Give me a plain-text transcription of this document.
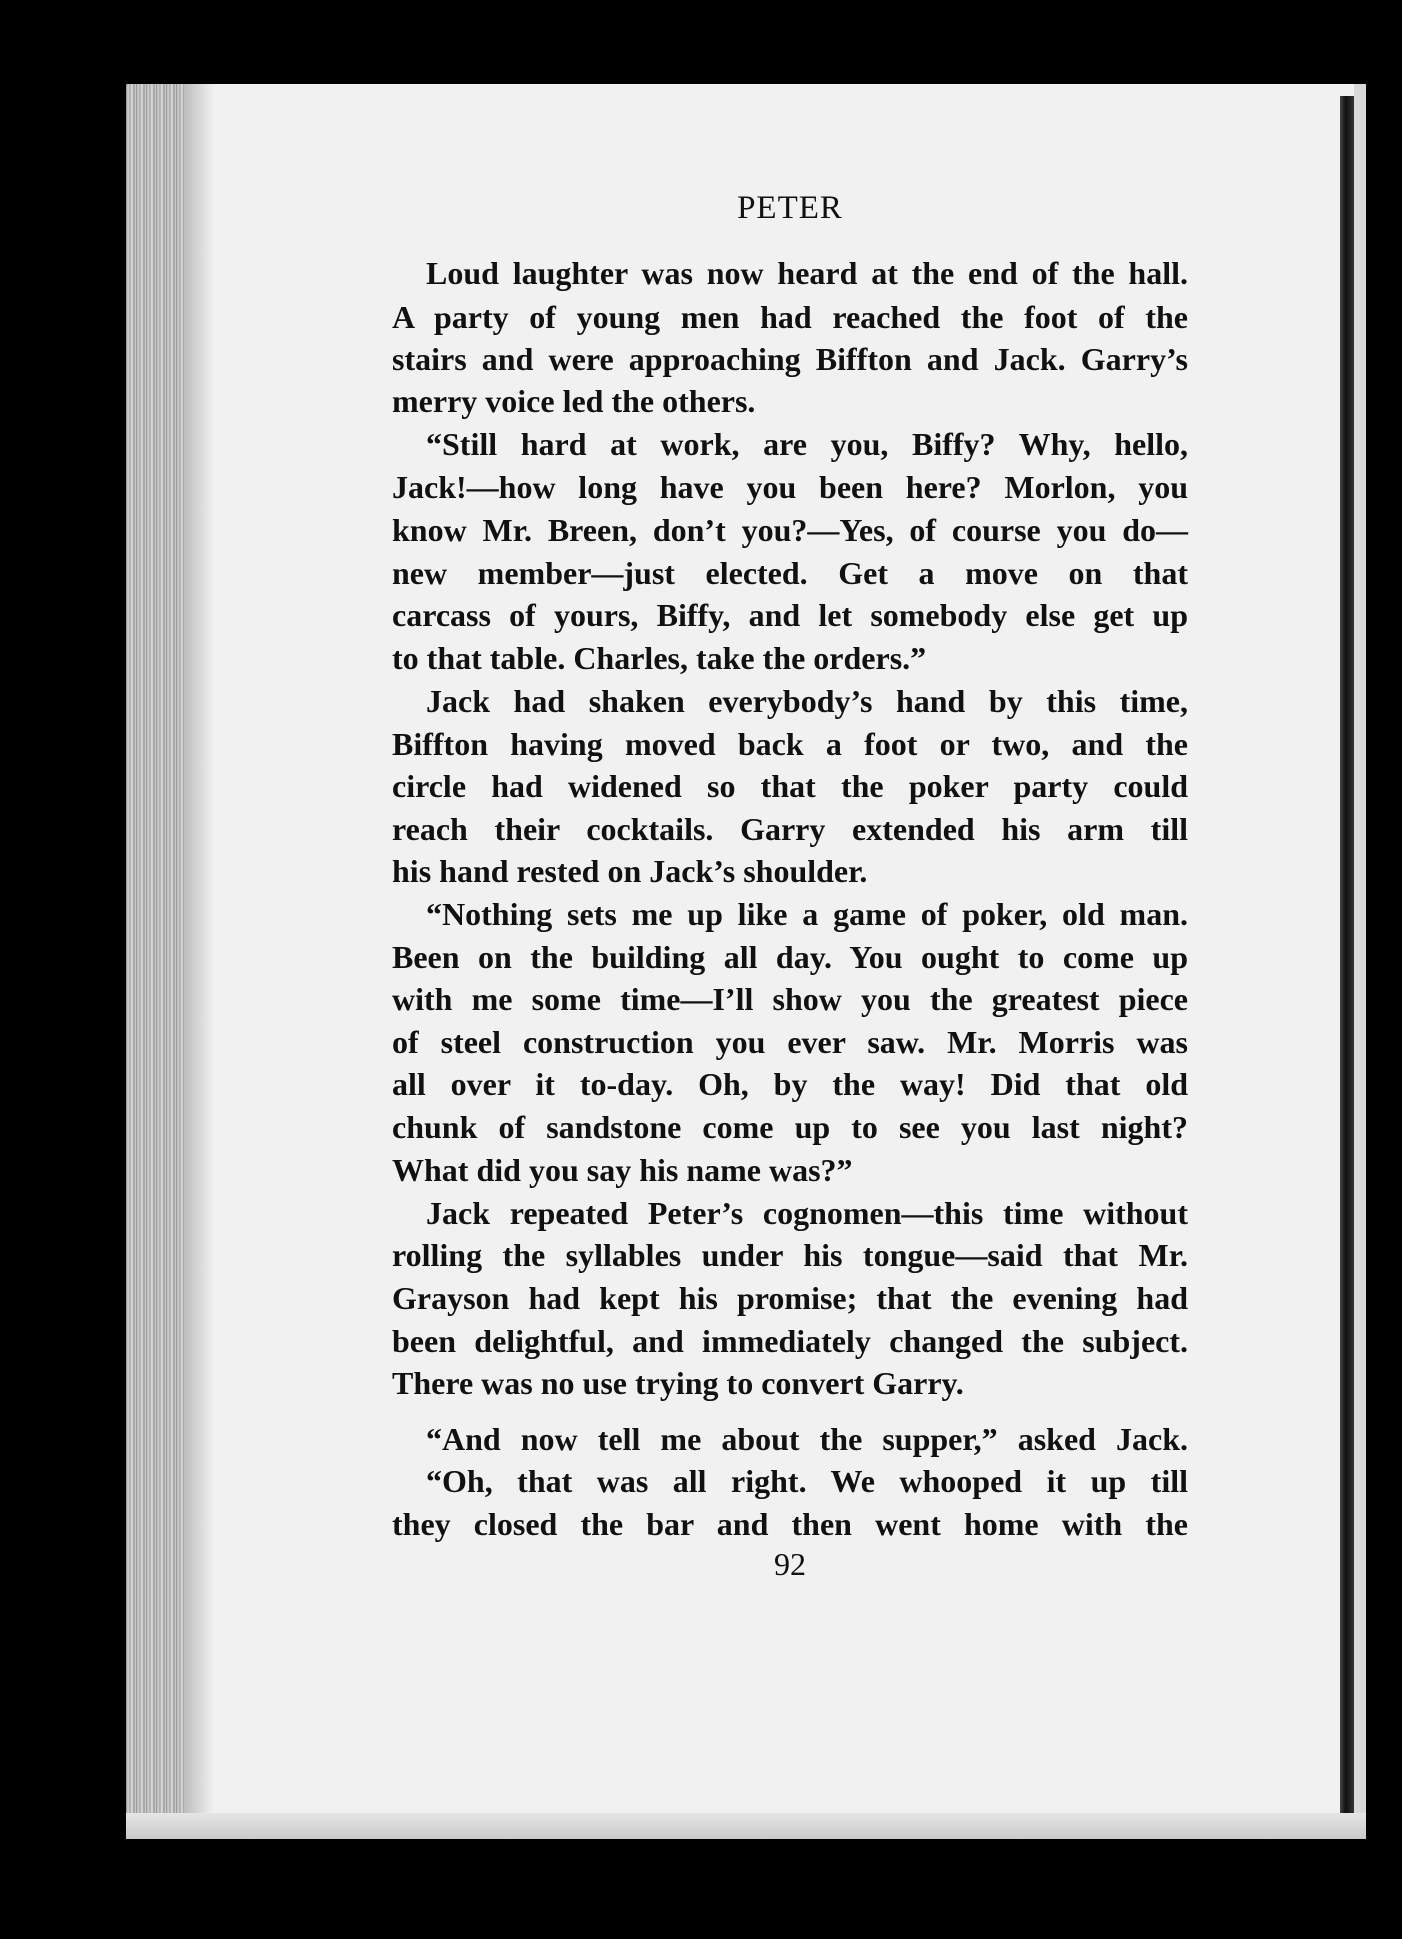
PETER
Loud laughter was now heard at the end of the hall.
A party of young men had reached the foot of the
stairs and were approaching Biffton and Jack. Garry’s
merry voice led the others.
“Still hard at work, are you, Biffy? Why, hello,
Jack!—how long have you been here? Morlon, you
know Mr. Breen, don’t you?—Yes, of course you do—
new member—just elected. Get a move on that
carcass of yours, Biffy, and let somebody else get up
to that table. Charles, take the orders.”
Jack had shaken everybody’s hand by this time,
Biffton having moved back a foot or two, and the
circle had widened so that the poker party could
reach their cocktails. Garry extended his arm till
his hand rested on Jack’s shoulder.
“Nothing sets me up like a game of poker, old man.
Been on the building all day. You ought to come up
with me some time—I’ll show you the greatest piece
of steel construction you ever saw. Mr. Morris was
all over it to-day. Oh, by the way! Did that old
chunk of sandstone come up to see you last night?
What did you say his name was?”
Jack repeated Peter’s cognomen—this time without
rolling the syllables under his tongue—said that Mr.
Grayson had kept his promise; that the evening had
been delightful, and immediately changed the subject.
There was no use trying to convert Garry.
“And now tell me about the supper,” asked Jack.
“Oh, that was all right. We whooped it up till
they closed the bar and then went home with the
92
